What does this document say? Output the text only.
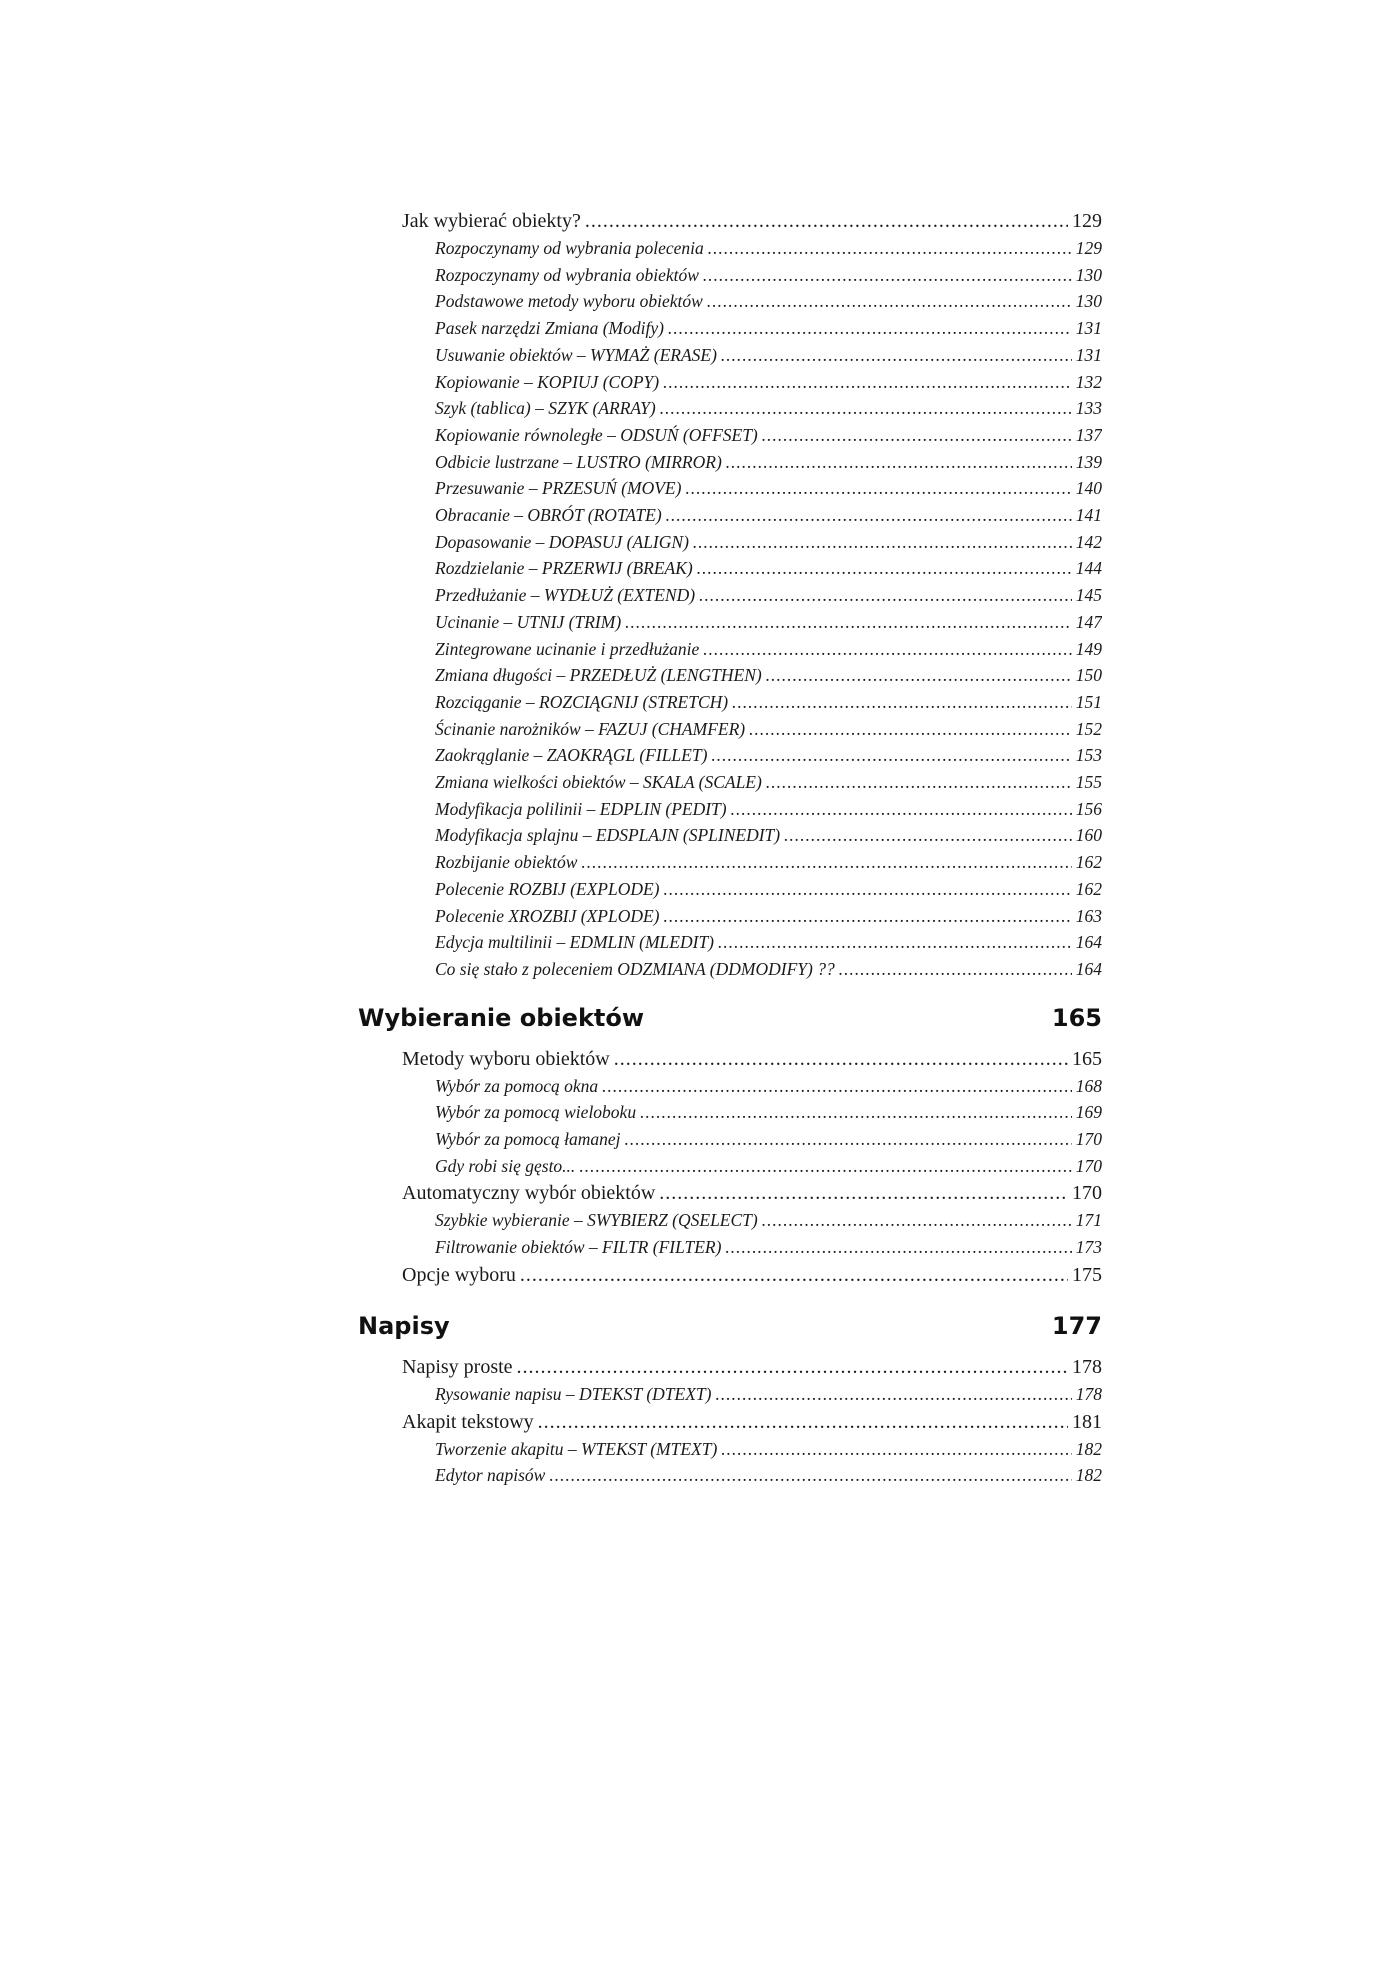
Jak wybierać obiekty? .....	129
Rozpoczynamy od wybrania polecenia .....	129
Rozpoczynamy od wybrania obiektów .....	130
Podstawowe metody wyboru obiektów .....	130
Pasek narzędzi Zmiana (Modify) .....	131
Usuwanie obiektów – WYMAŻ (ERASE) .....	131
Kopiowanie – KOPIUJ (COPY) .....	132
Szyk (tablica) – SZYK (ARRAY) .....	133
Kopiowanie równoległe – ODSUŃ (OFFSET) .....	137
Odbicie lustrzane – LUSTRO (MIRROR) .....	139
Przesuwanie – PRZESUŃ (MOVE) .....	140
Obracanie – OBRÓT (ROTATE) .....	141
Dopasowanie – DOPASUJ (ALIGN) .....	142
Rozdzielanie – PRZERWIJ (BREAK) .....	144
Przedłużanie – WYDŁUŻ (EXTEND) .....	145
Ucinanie – UTNIJ (TRIM) .....	147
Zintegrowane ucinanie i przedłużanie .....	149
Zmiana długości – PRZEDŁUŻ (LENGTHEN) .....	150
Rozciąganie – ROZCIĄGNIJ (STRETCH) .....	151
Ścinanie narożników – FAZUJ (CHAMFER) .....	152
Zaokrąglanie – ZAOKRĄGL (FILLET) .....	153
Zmiana wielkości obiektów – SKALA (SCALE) .....	155
Modyfikacja polilinii – EDPLIN (PEDIT) .....	156
Modyfikacja splajnu – EDSPLAJN (SPLINEDIT) .....	160
Rozbijanie obiektów .....	162
Polecenie ROZBIJ (EXPLODE) .....	162
Polecenie XROZBIJ (XPLODE) .....	163
Edycja multilinii – EDMLIN (MLEDIT) .....	164
Co się stało z poleceniem ODZMIANA (DDMODIFY) ?? .....	164
Wybieranie obiektów	165
Metody wyboru obiektów .....	165
Wybór za pomocą okna .....	168
Wybór za pomocą wieloboku .....	169
Wybór za pomocą łamanej .....	170
Gdy robi się gęsto... .....	170
Automatyczny wybór obiektów .....	170
Szybkie wybieranie – SWYBIERZ (QSELECT) .....	171
Filtrowanie obiektów – FILTR (FILTER) .....	173
Opcje wyboru .....	175
Napisy	177
Napisy proste .....	178
Rysowanie napisu – DTEKST (DTEXT) .....	178
Akapit tekstowy .....	181
Tworzenie akapitu – WTEKST (MTEXT) .....	182
Edytor napisów .....	182
